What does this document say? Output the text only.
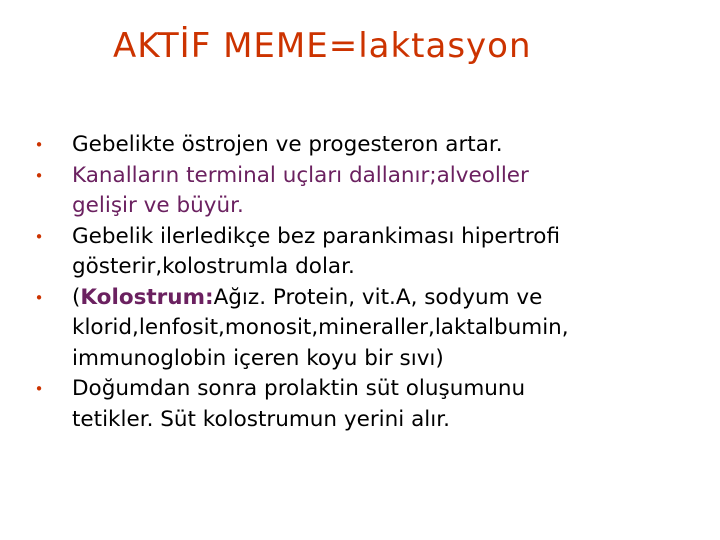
AKTİF MEME=laktasyon
•	Gebelikte östrojen ve progesteron artar.
•	Kanalların terminal uçları dallanır;alveoller
gelişir ve büyür.
•	Gebelik ilerledikçe bez parankiması hipertrofi
gösterir,kolostrumla dolar.
•	(Kolostrum:Ağız. Protein, vit.A, sodyum ve
klorid,lenfosit,monosit,mineraller,laktalbumin,
immunoglobin içeren koyu bir sıvı)
•	Doğumdan sonra prolaktin süt oluşumunu
tetikler. Süt kolostrumun yerini alır.
